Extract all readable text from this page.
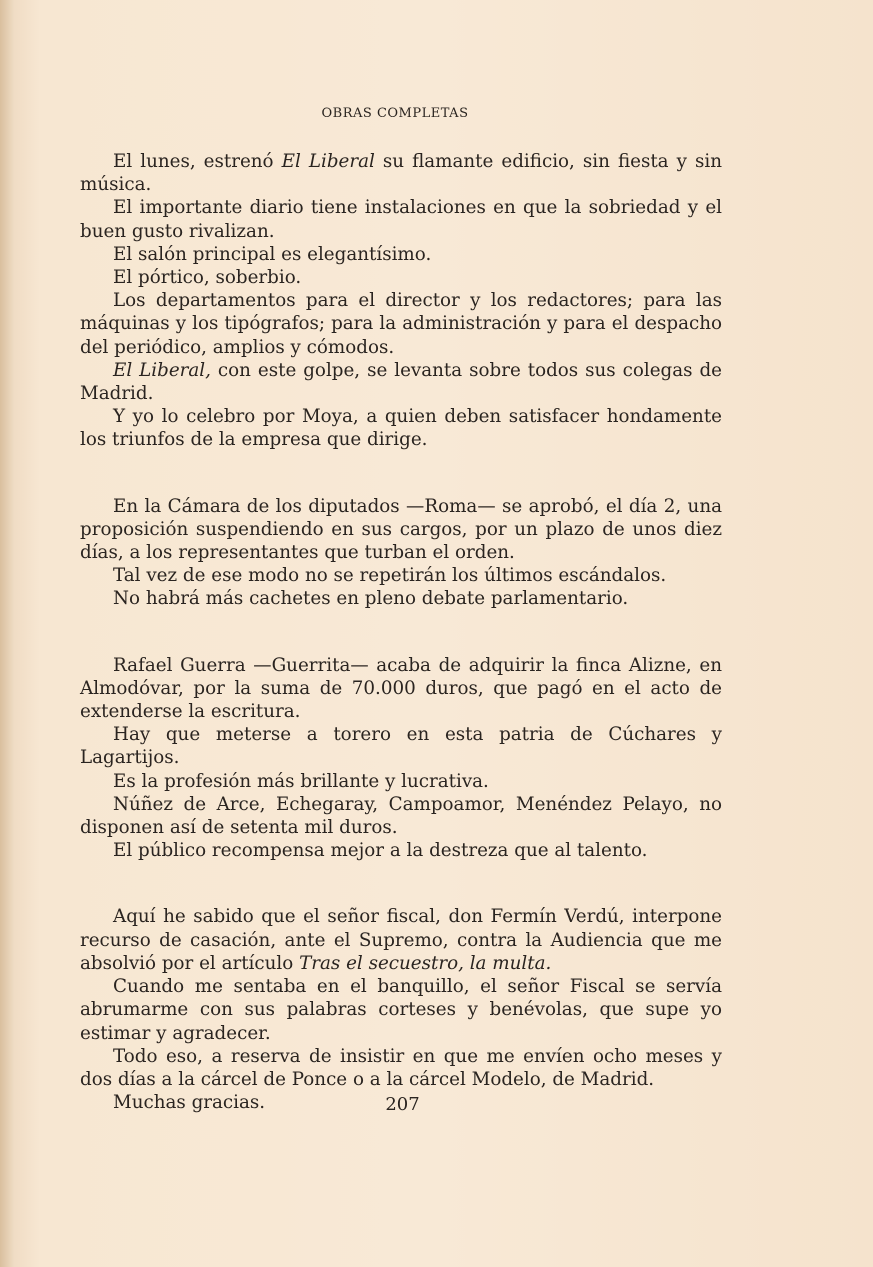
OBRAS COMPLETAS

El lunes, estrenó El Liberal su flamante edificio, sin fiesta y sin música.

El importante diario tiene instalaciones en que la sobriedad y el buen gusto rivalizan.

El salón principal es elegantísimo.

El pórtico, soberbio.

Los departamentos para el director y los redactores; para las máquinas y los tipógrafos; para la administración y para el despacho del periódico, amplios y cómodos.

El Liberal, con este golpe, se levanta sobre todos sus colegas de Madrid.

Y yo lo celebro por Moya, a quien deben satisfacer hondamente los triunfos de la empresa que dirige.

En la Cámara de los diputados —Roma— se aprobó, el día 2, una proposición suspendiendo en sus cargos, por un plazo de unos diez días, a los representantes que turban el orden.

Tal vez de ese modo no se repetirán los últimos escándalos.

No habrá más cachetes en pleno debate parlamentario.

Rafael Guerra —Guerrita— acaba de adquirir la finca Alizne, en Almodóvar, por la suma de 70.000 duros, que pagó en el acto de extenderse la escritura.

Hay que meterse a torero en esta patria de Cúchares y Lagartijos.

Es la profesión más brillante y lucrativa.

Núñez de Arce, Echegaray, Campoamor, Menéndez Pelayo, no disponen así de setenta mil duros.

El público recompensa mejor a la destreza que al talento.

Aquí he sabido que el señor fiscal, don Fermín Verdú, interpone recurso de casación, ante el Supremo, contra la Audiencia que me absolvió por el artículo Tras el secuestro, la multa.

Cuando me sentaba en el banquillo, el señor Fiscal se servía abrumarme con sus palabras corteses y benévolas, que supe yo estimar y agradecer.

Todo eso, a reserva de insistir en que me envíen ocho meses y dos días a la cárcel de Ponce o a la cárcel Modelo, de Madrid.

Muchas gracias.	207
